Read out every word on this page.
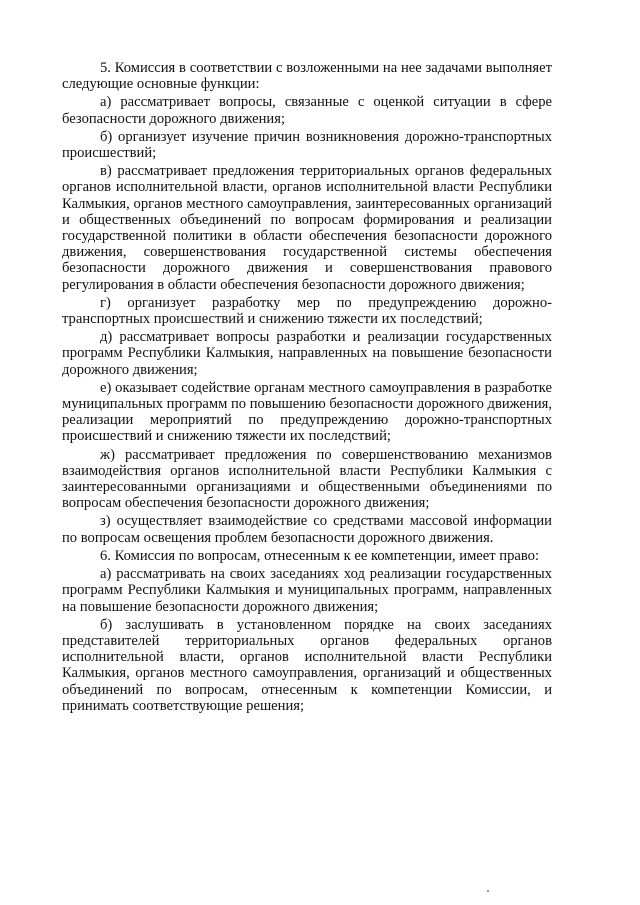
5. Комиссия в соответствии с возложенными на нее задачами выполняет следующие основные функции:

а) рассматривает вопросы, связанные с оценкой ситуации в сфере безопасности дорожного движения;

б) организует изучение причин возникновения дорожно-транспортных происшествий;

в) рассматривает предложения территориальных органов федеральных органов исполнительной власти, органов исполнительной власти Республики Калмыкия, органов местного самоуправления, заинтересованных организаций и общественных объединений по вопросам формирования и реализации государственной политики в области обеспечения безопасности дорожного движения, совершенствования государственной системы обеспечения безопасности дорожного движения и совершенствования правового регулирования в области обеспечения безопасности дорожного движения;

г) организует разработку мер по предупреждению дорожно-транспортных происшествий и снижению тяжести их последствий;

д) рассматривает вопросы разработки и реализации государственных программ Республики Калмыкия, направленных на повышение безопасности дорожного движения;

е) оказывает содействие органам местного самоуправления в разработке муниципальных программ по повышению безопасности дорожного движения, реализации мероприятий по предупреждению дорожно-транспортных происшествий и снижению тяжести их последствий;

ж) рассматривает предложения по совершенствованию механизмов взаимодействия органов исполнительной власти Республики Калмыкия с заинтересованными организациями и общественными объединениями по вопросам обеспечения безопасности дорожного движения;

з) осуществляет взаимодействие со средствами массовой информации по вопросам освещения проблем безопасности дорожного движения.

6. Комиссия по вопросам, отнесенным к ее компетенции, имеет право:

а) рассматривать на своих заседаниях ход реализации государственных программ Республики Калмыкия и муниципальных программ, направленных на повышение безопасности дорожного движения;

б) заслушивать в установленном порядке на своих заседаниях представителей территориальных органов федеральных органов исполнительной власти, органов исполнительной власти Республики Калмыкия, органов местного самоуправления, организаций и общественных объединений по вопросам, отнесенным к компетенции Комиссии, и принимать соответствующие решения;
